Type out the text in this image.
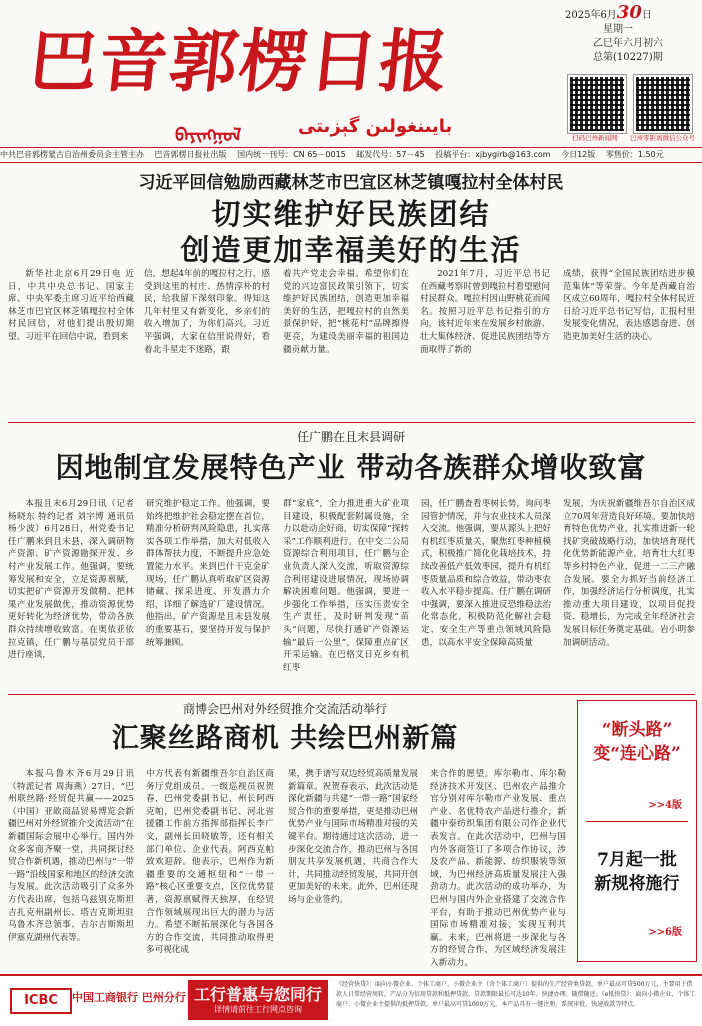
巴音郭楞日报
ᠪᠠᠶᠢᠩᠭᠣᠯ	بايىنغولىن گېزىتى
2025年6月30日
星期一
乙巳年六月初六
总第(10227)期
扫码巴州新闻网 巴州零距离微信公众号
中共巴音郭楞蒙古自治州委员会主管主办 巴音郭楞日报社出版 国内统一刊号：CN 65－0015 邮发代号：57－45 投稿平台：xjbygirb@163.com 今日12版 零售价：1.50元
习近平回信勉励西藏林芝市巴宜区林芝镇嘎拉村全体村民
切实维护好民族团结
创造更加幸福美好的生活

新华社北京6月29日电 近日，中共中央总书记、国家主席、中央军委主席习近平给西藏林芝市巴宜区林芝镇嘎拉村全体村民回信，对他们提出殷切期望。习近平在回信中说，看到来

信，想起4年前的嘎拉村之行，感受到这里的村庄、热情淳朴的村民，给我留下深刻印象。得知这几年村里又有新变化，乡亲们的收入增加了，为你们高兴。习近平强调，大家在信里说得好，看着北斗星走不迷路，跟

着共产党走会幸福。希望你们在党的兴边富民政策引领下，切实维护好民族团结，创造更加幸福美好的生活，把嘎拉村的自然美景保护好，把“桃花村”品牌擦得更亮，为建设美丽幸福的祖国边疆贡献力量。

2021年7月，习近平总书记在西藏考察时曾到嘎拉村看望慰问村民群众。嘎拉村因山野桃花而闻名。按照习近平总书记指引的方向，该村近年来在发展乡村旅游、壮大集体经济、促进民族团结等方面取得了新的

成绩，获得“全国民族团结进步模范集体”等荣誉。今年是西藏自治区成立60周年，嘎拉村全体村民近日给习近平总书记写信，汇报村里发展变化情况，表达感恩奋进、创造更加美好生活的决心。

任广鹏在且末县调研
因地制宜发展特色产业 带动各族群众增收致富

本报且末6月29日讯（记者 杨晓东 特约记者 刘宇博 通讯员 杨少波）6月28日，州党委书记任广鹏来到且末县，深入调研物产资源、矿产资源勘探开发、乡村产业发展工作。他强调，要统筹发展和安全，立足资源禀赋，切实把矿产资源开发做精、把林果产业发展做优，推动资源优势更好转化为经济优势，带动各族群众持续增收致富。在奥依亚依拉克镇，任广鹏与基层党员干部进行座谈，

研究维护稳定工作。他强调，要始终把维护社会稳定摆在首位，精准分析研判风险隐患，扎实落实各项工作举措，加大对低收入群体帮扶力度，不断提升应急处置能力水平。来到巴什干克金矿现场，任广鹏认真听取矿区资源储藏、探采进度、开发潜力介绍，详细了解选矿厂建设情况。他指出，矿产资源是且末县发展的重要基石，要坚持开发与保护统筹兼顾。

群“家底”，全力推进重大矿业项目建设，积极配套附属设施，全力以赴动企好商，切实保障“探转采”工作顺利进行。在中交二公局资源综合利用项目，任广鹏与企业负责人深入交流，听取资源综合利用建设进展情况，现场协调解决困难问题。他强调，要进一步强化工作举措，压实压责安全生产责任，及时研判发现“苗头”问题，尽快打通矿产资源运输“最后一公里”，保障重点矿区开采运输。在巴格艾日克乡有机红枣

园，任广鹏查看枣树长势，询问枣园管护情况，并与农业技术人员深入交流。他强调，要从源头上把好有机红枣质量关，聚焦红枣种植模式，积极推广简化化栽培技术，持续改善低产低效枣园，提升有机红枣质量品质和综合效益，带动枣农收入水平稳步提高。任广鹏在调研中强调，要深入推进反恐维稳法治化常态化，积极防范化解社会稳定、安全生产等重点领域风险隐患，以高水平安全保障高质量

发展，为庆祝新疆维吾尔自治区成立70周年营造良好环境。要加快培育特色优势产业，扎实推进新一轮找矿突破战略行动，加快培育现代化优势新能源产业，培育壮大红枣等乡村特色产业，促进一二三产融合发展。要全力抓好当前经济工作，加强经济运行分析调度，扎实推动重大项目建设，以项目促投资、稳增长，为完成全年经济社会发展目标任务奠定基础。岩小明参加调研活动。

商博会巴州对外经贸推介交流活动举行
汇聚丝路商机 共绘巴州新篇

本报乌鲁木齐6月29日讯（特派记者 周海燕）27日，“巴州联丝路·经贸促共赢——2025（中国）亚欧商品贸易博览会新疆巴州对外经贸推介交流活动”在新疆国际会展中心举行。国内外众多客商齐聚一堂，共同探讨经贸合作新机遇，推动巴州与“一带一路”沿线国家和地区的经济交流与发展。此次活动吸引了众多外方代表出席，包括乌兹别克斯坦吉扎克州副州长、塔吉克斯坦驻乌鲁木齐总领事、吉尔吉斯斯坦伊塞克湖州代表等。

中方代表有新疆维吾尔自治区商务厅党组成员、一级巡视员祝贺春，巴州党委副书记、州长阿西克帕，巴州党委副书记、河北省援疆工作前方指挥部指挥长李广文，副州长田晓敏等，还有相关部门单位、企业代表。阿西克帕致欢迎辞。他表示，巴州作为新疆重要的交通枢纽和“一带一路”核心区重要支点，区位优势显著，资源禀赋得天独厚，在经贸合作领域展现出巨大的潜力与活力。希望不断拓展深化与各国各方的合作交流，共同推动取得更多可视化成

果，携手谱写双边经贸高质量发展新篇章。祝贺春表示，此次活动是深化新疆与共建“一带一路”国家经贸合作的重要举措，更是推动巴州优势产业与国际市场精准对接的关键平台。期待通过这次活动，进一步深化交流合作，推动巴州与各国朋友共享发展机遇，共商合作大计，共同推动经贸发展，共同开创更加美好的未来。此外，巴州还现场与企业签约。

来合作的愿望。库尔勒市、库尔勒经济技术开发区、巴州农产品推介官分别对库尔勒市产业发展、重点产业、名优特农产品进行推介，新疆中泰纺织集团有限公司作企业代表发言。在此次活动中，巴州与国内外客商签订了多项合作协议，涉及农产品、新能源、纺织服装等领域，为巴州经济高质量发展注入强劲动力。此次活动的成功举办，为巴州与国内外企业搭建了交流合作平台，有助于推动巴州优势产业与国际市场精准对接，实现互利共赢。未来，巴州将进一步深化与各方的经贸合作，为区域经济发展注入新动力。

“断头路”
变“连心路”
>>4版
7月起一批
新规将施行
>>6版
ICBC	中国工商银行 巴州分行 工行普惠与您同行
详情请前往工行网点咨询
《经营快贷》：面向小微企业、个体工商户、小微企业主（含个体工商户）提供的生产经营类贷款，单户最高可贷500万元，主要用于借款人日常经营周转，产品分为信用贷款和抵押贷款，贷款期限最长可达10年。快捷办理、随借随还。《e抵快贷》：面向小微企业、个体工商户、小微企业主提供的抵押贷款，单户最高可贷1000万元。本产品具有一键注册、系统审批、快速放款等特点。
